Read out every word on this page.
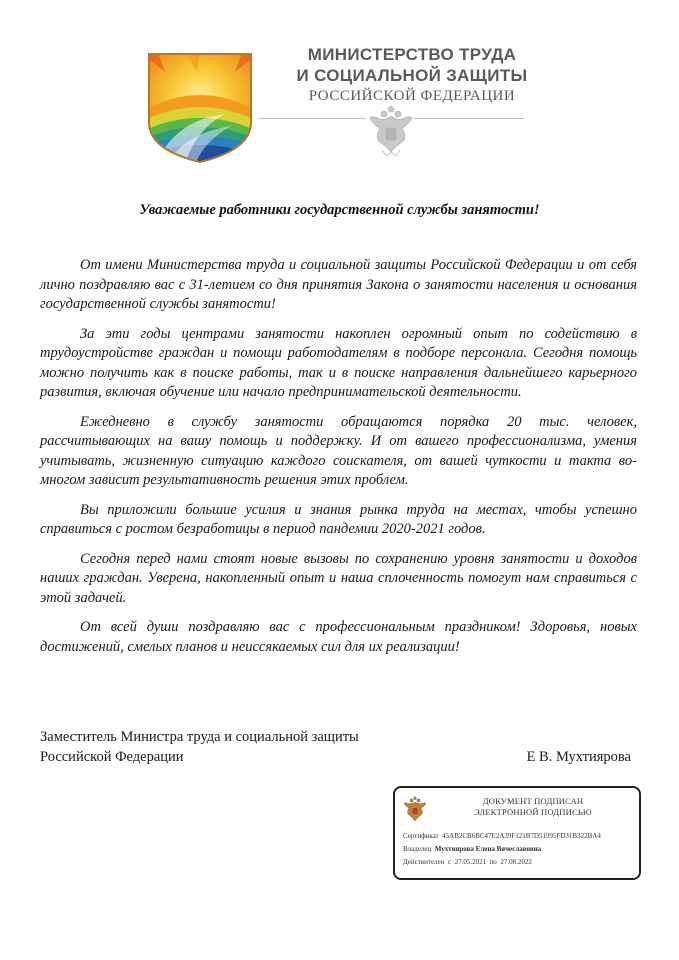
МИНИСТЕРСТВО ТРУДА
И СОЦИАЛЬНОЙ ЗАЩИТЫ
РОССИЙСКОЙ ФЕДЕРАЦИИ
Уважаемые работники государственной службы занятости!

От имени Министерства труда и социальной защиты Российской Федерации и от себя лично поздравляю вас с 31-летием со дня принятия Закона о занятости населения и основания государственной службы занятости!

За эти годы центрами занятости накоплен огромный опыт по содействию в трудоустройстве граждан и помощи работодателям в подборе персонала. Сегодня помощь можно получить как в поиске работы, так и в поиске направления дальнейшего карьерного развития, включая обучение или начало предпринимательской деятельности.

Ежедневно в службу занятости обращаются порядка 20 тыс. человек, рассчитывающих на вашу помощь и поддержку. И от вашего профессионализма, умения учитывать, жизненную ситуацию каждого соискателя, от вашей чуткости и такта во-многом зависит результативность решения этих проблем.

Вы приложили большие усилия и знания рынка труда на местах, чтобы успешно справиться с ростом безработицы в период пандемии 2020-2021 годов.

Сегодня перед нами стоят новые вызовы по сохранению уровня занятости и доходов наших граждан. Уверена, накопленный опыт и наша сплоченность помогут нам справиться с этой задачей.

От всей души поздравляю вас с профессиональным праздником! Здоровья, новых достижений, смелых планов и неиссякаемых сил для их реализации!

Заместитель Министра труда и социальной защиты
Российской Федерации	Е В. Мухтиярова
ДОКУМЕНТ ПОДПИСАН
ЭЛЕКТРОННОЙ ПОДПИСЬЮ
Сертификат 45AB2CB6BC47E2A39F121B7D51995FD31B322BA4
Владелец Мухтиярова Елена Вячеславовна
Действителен с 27.05.2021 по 27.08.2022
